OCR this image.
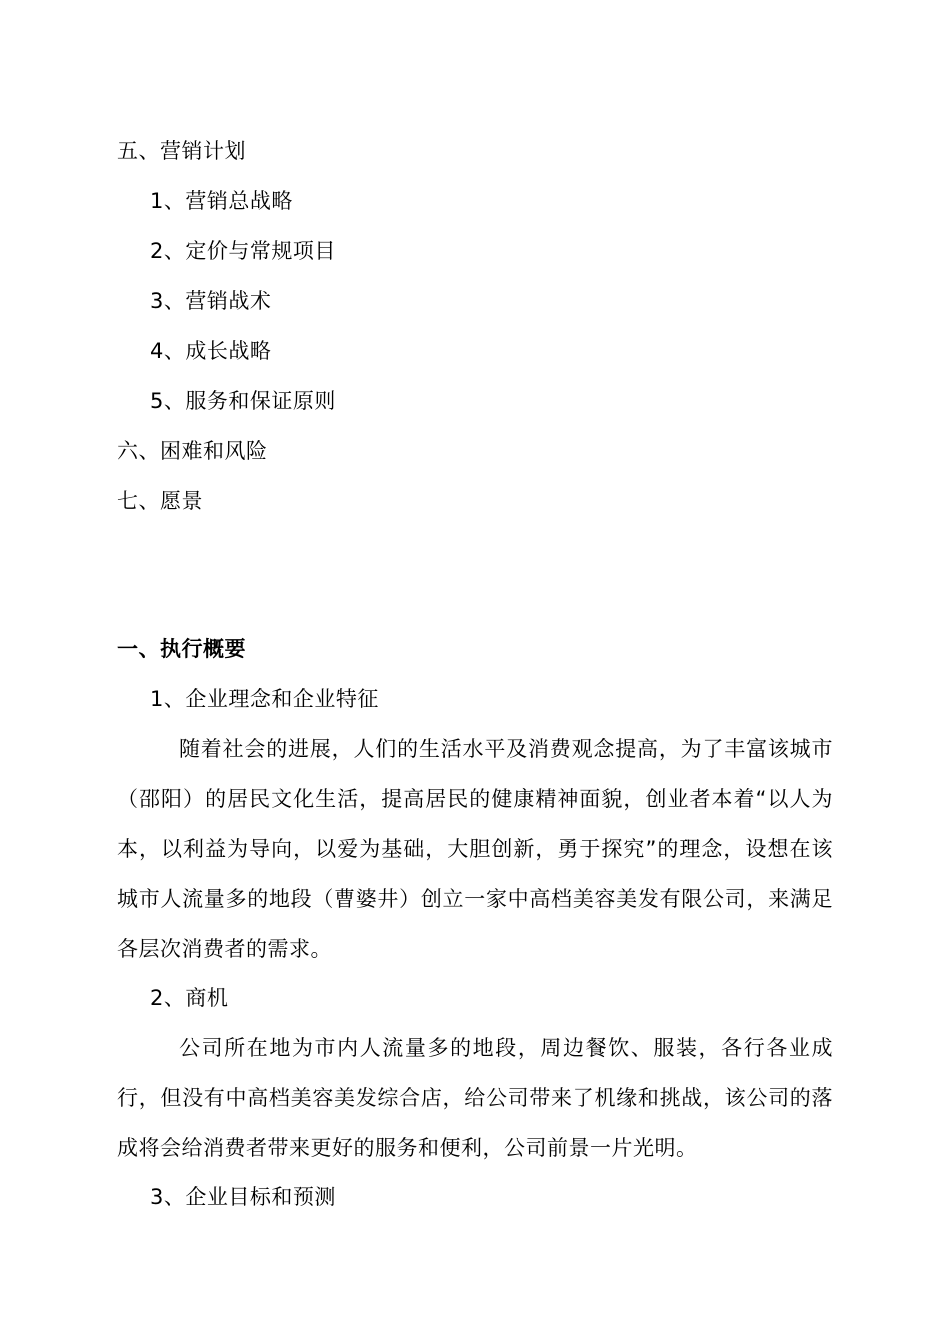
五、营销计划
1、营销总战略
2、定价与常规项目
3、营销战术
4、成长战略
5、服务和保证原则
六、困难和风险
七、愿景
一、执行概要
1、企业理念和企业特征
随着社会的进展，人们的生活水平及消费观念提高，为了丰富该城市（邵阳）的居民文化生活，提高居民的健康精神面貌，创业者本着“以人为本，以利益为导向，以爱为基础，大胆创新，勇于探究”的理念，设想在该城市人流量多的地段（曹婆井）创立一家中高档美容美发有限公司，来满足各层次消费者的需求。
2、商机
公司所在地为市内人流量多的地段，周边餐饮、服装，各行各业成行，但没有中高档美容美发综合店，给公司带来了机缘和挑战，该公司的落成将会给消费者带来更好的服务和便利，公司前景一片光明。
3、企业目标和预测
